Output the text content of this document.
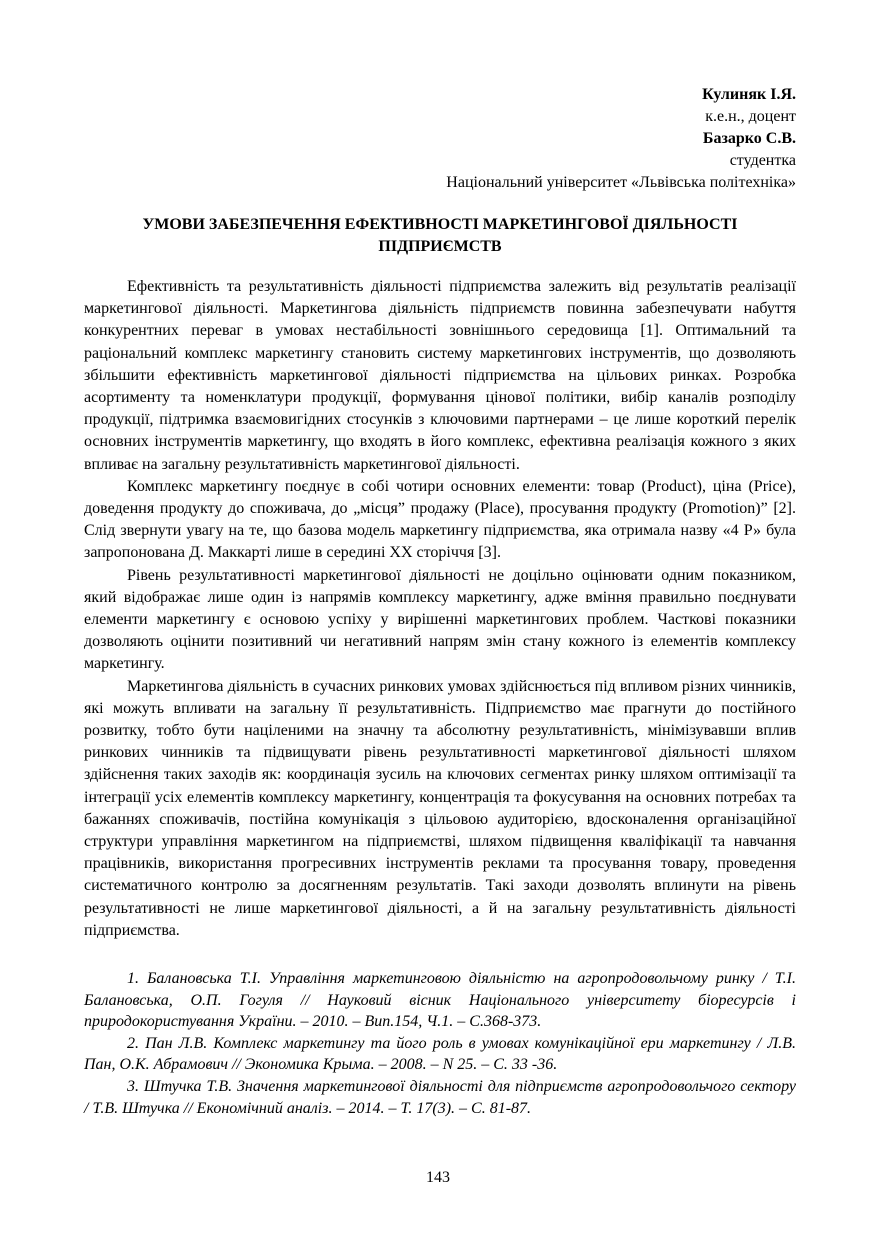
Кулиняк І.Я.
к.е.н., доцент
Базарко С.В.
студентка
Національний університет «Львівська політехніка»
УМОВИ ЗАБЕЗПЕЧЕННЯ ЕФЕКТИВНОСТІ МАРКЕТИНГОВОЇ ДІЯЛЬНОСТІ ПІДПРИЄМСТВ

Ефективність та результативність діяльності підприємства залежить від результатів реалізації маркетингової діяльності. Маркетингова діяльність підприємств повинна забезпечувати набуття конкурентних переваг в умовах нестабільності зовнішнього середовища [1]. Оптимальний та раціональний комплекс маркетингу становить систему маркетингових інструментів, що дозволяють збільшити ефективність маркетингової діяльності підприємства на цільових ринках. Розробка асортименту та номенклатури продукції, формування цінової політики, вибір каналів розподілу продукції, підтримка взаємовигідних стосунків з ключовими партнерами – це лише короткий перелік основних інструментів маркетингу, що входять в його комплекс, ефективна реалізація кожного з яких впливає на загальну результативність маркетингової діяльності.

Комплекс маркетингу поєднує в собі чотири основних елементи: товар (Product), ціна (Price), доведення продукту до споживача, до „місця” продажу (Place), просування продукту (Promotion)” [2]. Слід звернути увагу на те, що базова модель маркетингу підприємства, яка отримала назву «4 Р» була запропонована Д. Маккарті лише в середині ХХ сторіччя [3].

Рівень результативності маркетингової діяльності не доцільно оцінювати одним показником, який відображає лише один із напрямів комплексу маркетингу, адже вміння правильно поєднувати елементи маркетингу є основою успіху у вирішенні маркетингових проблем. Часткові показники дозволяють оцінити позитивний чи негативний напрям змін стану кожного із елементів комплексу маркетингу.

Маркетингова діяльність в сучасних ринкових умовах здійснюється під впливом різних чинників, які можуть впливати на загальну її результативність. Підприємство має прагнути до постійного розвитку, тобто бути націленими на значну та абсолютну результативність, мінімізувавши вплив ринкових чинників та підвищувати рівень результативності маркетингової діяльності шляхом здійснення таких заходів як: координація зусиль на ключових сегментах ринку шляхом оптимізації та інтеграції усіх елементів комплексу маркетингу, концентрація та фокусування на основних потребах та бажаннях споживачів, постійна комунікація з цільовою аудиторією, вдосконалення організаційної структури управління маркетингом на підприємстві, шляхом підвищення кваліфікації та навчання працівників, використання прогресивних інструментів реклами та просування товару, проведення систематичного контролю за досягненням результатів. Такі заходи дозволять вплинути на рівень результативності не лише маркетингової діяльності, а й на загальну результативність діяльності підприємства.

1. Балановська Т.І. Управління маркетинговою діяльністю на агропродовольчому ринку / Т.І. Балановська, О.П. Гогуля // Науковий вісник Національного університету біоресурсів і природокористування України. – 2010. – Вип.154, Ч.1. – С.368-373.

2. Пан Л.В. Комплекс маркетингу та його роль в умовах комунікаційної ери маркетингу / Л.В. Пан, О.К. Абрамович // Экономика Крыма. – 2008. – N 25. – С. 33 -36.

3. Штучка Т.В. Значення маркетингової діяльності для підприємств агропродовольчого сектору / Т.В. Штучка // Економічний аналіз. – 2014. – Т. 17(3). – С. 81-87.

143
